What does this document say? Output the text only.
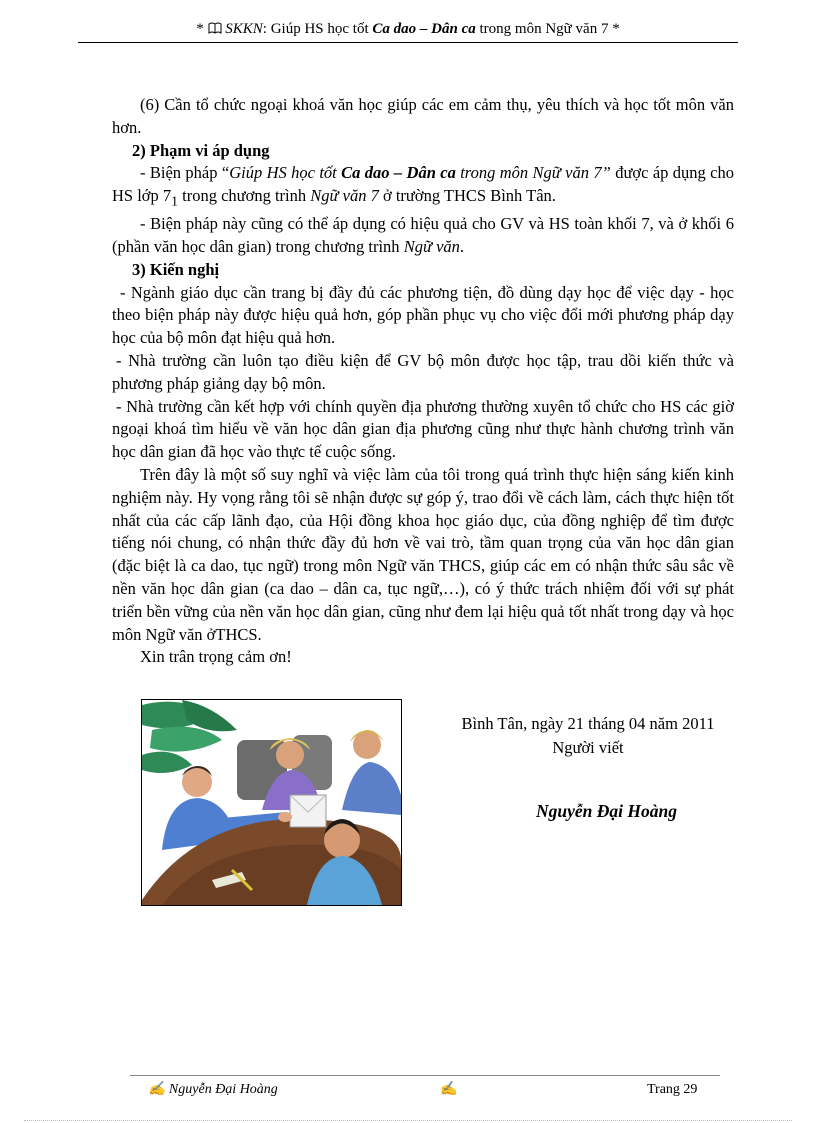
*  SKKN: Giúp HS học tốt Ca dao – Dân ca trong môn Ngữ văn 7 *

(6) Cần tổ chức ngoại khoá văn học giúp các em cảm thụ, yêu thích và học tốt môn văn hơn.

2) Phạm vi áp dụng

- Biện pháp “Giúp HS học tốt Ca dao – Dân ca trong môn Ngữ văn 7” được áp dụng cho HS lớp $7_1$ trong chương trình Ngữ văn 7 ở trường THCS Bình Tân.

- Biện pháp này cũng có thể áp dụng có hiệu quả cho GV và HS toàn khối 7, và ở khối 6 (phần văn học dân gian) trong chương trình Ngữ văn.

3) Kiến nghị

- Ngành giáo dục cần trang bị đầy đủ các phương tiện, đồ dùng dạy học để việc dạy - học theo biện pháp này được hiệu quả hơn, góp phần phục vụ cho việc đổi mới phương pháp dạy học của bộ môn đạt hiệu quả hơn.

- Nhà trường cần luôn tạo điều kiện để GV bộ môn được học tập, trau dồi kiến thức và phương pháp giảng dạy bộ môn.

- Nhà trường cần kết hợp với chính quyền địa phương thường xuyên tổ chức cho HS các giờ ngoại khoá tìm hiểu về văn học dân gian địa phương cũng như thực hành chương trình văn học dân gian đã học vào thực tế cuộc sống.

Trên đây là một số suy nghĩ và việc làm của tôi trong quá trình thực hiện sáng kiến kinh nghiệm này. Hy vọng rằng tôi sẽ nhận được sự góp ý, trao đổi về cách làm, cách thực hiện tốt nhất của các cấp lãnh đạo, của Hội đồng khoa học giáo dục, của đồng nghiệp để tìm được tiếng nói chung, có nhận thức đầy đủ hơn về vai trò, tầm quan trọng của văn học dân gian (đặc biệt là ca dao, tục ngữ) trong môn Ngữ văn THCS, giúp các em có nhận thức sâu sắc về nền văn học dân gian (ca dao – dân ca, tục ngữ,…), có ý thức trách nhiệm đối với sự phát triển bền vững của nền văn học dân gian, cũng như đem lại hiệu quả tốt nhất trong dạy và học môn Ngữ văn ởTHCS.

Xin trân trọng cảm ơn!

Bình Tân, ngày 21 tháng 04 năm 2011
Người viết
Nguyễn Đại Hoàng
✍ Nguyễn Đại Hoàng	✍	Trang 29
